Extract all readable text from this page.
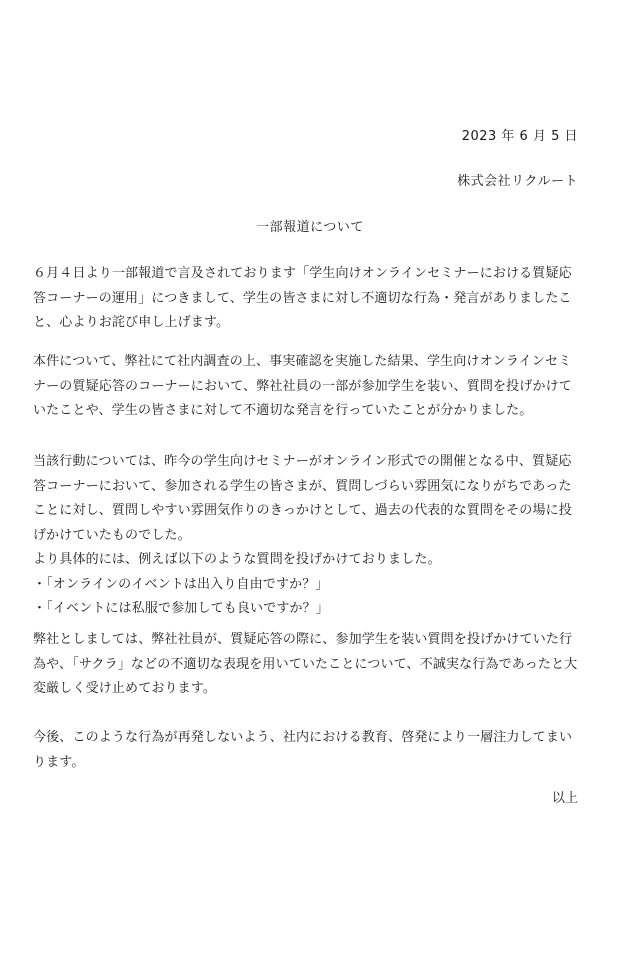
2023 年 6 月 5 日
株式会社リクルート
一部報道について
６月４日より一部報道で言及されております「学生向けオンラインセミナーにおける質疑応
答コーナーの運用」につきまして、学生の皆さまに対し不適切な行為・発言がありましたこ
と、心よりお詫び申し上げます。
本件について、弊社にて社内調査の上、事実確認を実施した結果、学生向けオンラインセミ
ナーの質疑応答のコーナーにおいて、弊社社員の一部が参加学生を装い、質問を投げかけて
いたことや、学生の皆さまに対して不適切な発言を行っていたことが分かりました。
当該行動については、昨今の学生向けセミナーがオンライン形式での開催となる中、質疑応
答コーナーにおいて、参加される学生の皆さまが、質問しづらい雰囲気になりがちであった
ことに対し、質問しやすい雰囲気作りのきっかけとして、過去の代表的な質問をその場に投
げかけていたものでした。
より具体的には、例えば以下のような質問を投げかけておりました。
・「オンラインのイベントは出入り自由ですか？」
・「イベントには私服で参加しても良いですか？」
弊社としましては、弊社社員が、質疑応答の際に、参加学生を装い質問を投げかけていた行
為や、「サクラ」などの不適切な表現を用いていたことについて、不誠実な行為であったと大
変厳しく受け止めております。
今後、このような行為が再発しないよう、社内における教育、啓発により一層注力してまい
ります。
以上
